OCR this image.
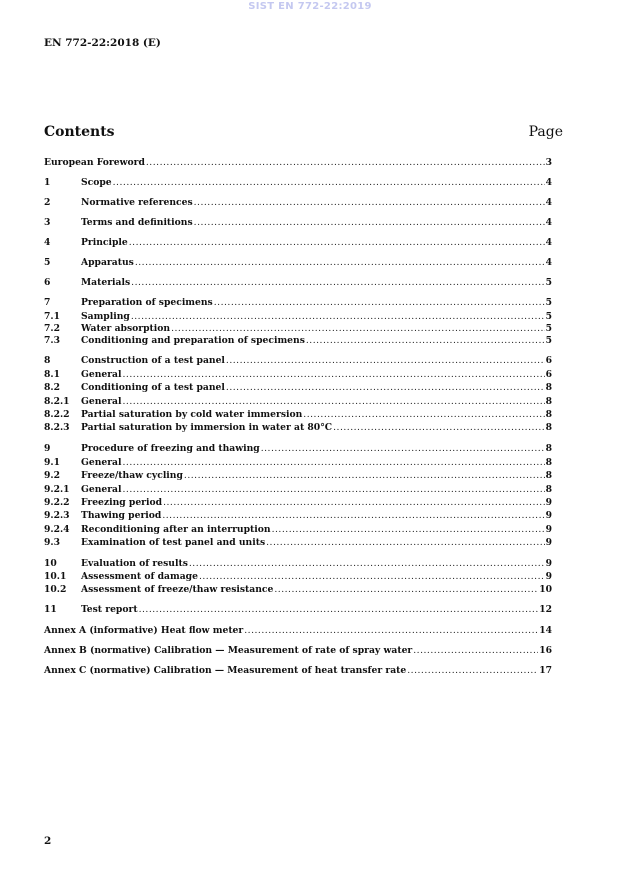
SIST EN 772-22:2019
EN 772-22:2018 (E)
Contents	Page
European Foreword .....	3
1	Scope .....	4
2	Normative references .....	4
3	Terms and definitions .....	4
4	Principle .....	4
5	Apparatus .....	4
6	Materials .....	5
7	Preparation of specimens .....	5
7.1	Sampling .....	5
7.2	Water absorption .....	5
7.3	Conditioning and preparation of specimens .....	5
8	Construction of a test panel .....	6
8.1	General .....	6
8.2	Conditioning of a test panel .....	8
8.2.1	General .....	8
8.2.2	Partial saturation by cold water immersion .....	8
8.2.3	Partial saturation by immersion in water at 80°C .....	8
9	Procedure of freezing and thawing .....	8
9.1	General .....	8
9.2	Freeze/thaw cycling .....	8
9.2.1	General .....	8
9.2.2	Freezing period .....	9
9.2.3	Thawing period .....	9
9.2.4	Reconditioning after an interruption .....	9
9.3	Examination of test panel and units .....	9
10	Evaluation of results .....	9
10.1	Assessment of damage .....	9
10.2	Assessment of freeze/thaw resistance .....	10
11	Test report .....	12
Annex A (informative) Heat flow meter .....	14
Annex B (normative) Calibration — Measurement of rate of spray water .....	16
Annex C (normative) Calibration — Measurement of heat transfer rate .....	17
2
